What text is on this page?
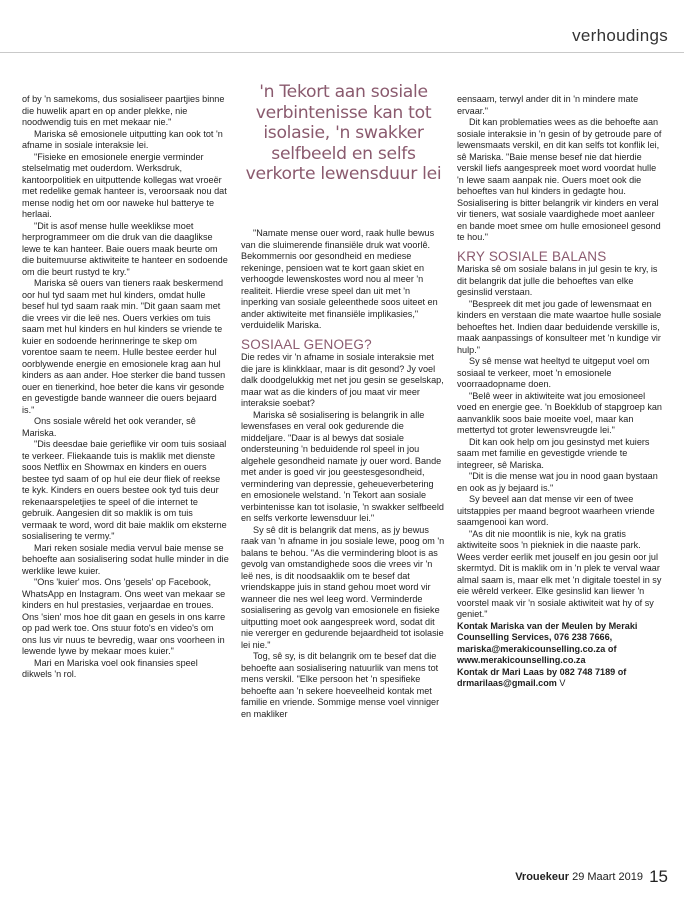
verhoudings

of by 'n samekoms, dus sosialiseer paartjies binne die huwelik apart en op ander plekke, nie noodwendig tuis en met mekaar nie."

Mariska sê emosionele uitputting kan ook tot 'n afname in sosiale interaksie lei.

"Fisieke en emosionele energie verminder stelselmatig met ouderdom. Werksdruk, kantoorpolitiek en uitputtende kollegas wat vroeër met redelike gemak hanteer is, veroorsaak nou dat mense nodig het om oor naweke hul batterye te herlaai.

"Dit is asof mense hulle weeklikse moet herprogrammeer om die druk van die daaglikse lewe te kan hanteer. Baie ouers maak beurte om die buitemuurse aktiwiteite te hanteer en sodoende om die beurt rustyd te kry."

Mariska sê ouers van tieners raak beskermend oor hul tyd saam met hul kinders, omdat hulle besef hul tyd saam raak min. "Dit gaan saam met die vrees vir die leë nes. Ouers verkies om tuis saam met hul kinders en hul kinders se vriende te kuier en sodoende herinneringe te skep om vorentoe saam te neem. Hulle bestee eerder hul oorblywende energie en emosionele krag aan hul kinders as aan ander. Hoe sterker die band tussen ouer en tienerkind, hoe beter die kans vir gesonde en gevestigde bande wanneer die ouers bejaard is."

Ons sosiale wêreld het ook verander, sê Mariska.

"Dis deesdae baie gerieflike vir oom tuis sosiaal te verkeer. Fliekaande tuis is maklik met dienste soos Netflix en Showmax en kinders en ouers bestee tyd saam of op hul eie deur fliek of reekse te kyk. Kinders en ouers bestee ook tyd tuis deur rekenaarspeletjies te speel of die internet te gebruik. Aangesien dit so maklik is om tuis vermaak te word, word dit baie maklik om eksterne sosialisering te vermy."

Mari reken sosiale media vervul baie mense se behoefte aan sosialisering sodat hulle minder in die werklike lewe kuier.

"Ons 'kuier' mos. Ons 'gesels' op Facebook, WhatsApp en Instagram. Ons weet van mekaar se kinders en hul prestasies, verjaardae en troues. Ons 'sien' mos hoe dit gaan en gesels in ons karre op pad werk toe. Ons stuur foto's en video's om ons lus vir nuus te bevredig, waar ons voorheen in lewende lywe by mekaar moes kuier."

Mari en Mariska voel ook finansies speel dikwels 'n rol.

'n Tekort aan sosiale verbintenisse kan tot isolasie, 'n swakker selfbeeld en selfs verkorte lewensduur lei

"Namate mense ouer word, raak hulle bewus van die sluimerende finansiële druk wat voorlê. Bekommernis oor gesondheid en mediese rekeninge, pensioen wat te kort gaan skiet en verhoogde lewenskostes word nou al meer 'n realiteit. Hierdie vrese speel dan uit met 'n inperking van sosiale geleenthede soos uiteet en ander aktiwiteite met finansiële implikasies," verduidelik Mariska.

SOSIAAL GENOEG?

Die redes vir 'n afname in sosiale interaksie met die jare is klinkklaar, maar is dit gesond? Jy voel dalk doodgelukkig met net jou gesin se geselskap, maar wat as die kinders of jou maat vir meer interaksie soebat?

Mariska sê sosialisering is belangrik in alle lewensfases en veral ook gedurende die middeljare. "Daar is al bewys dat sosiale ondersteuning 'n beduidende rol speel in jou algehele gesondheid namate jy ouer word. Bande met ander is goed vir jou geestesgesondheid, vermindering van depressie, geheueverbetering en emosionele welstand. 'n Tekort aan sosiale verbintenisse kan tot isolasie, 'n swakker selfbeeld en selfs verkorte lewensduur lei."

Sy sê dit is belangrik dat mens, as jy bewus raak van 'n afname in jou sosiale lewe, poog om 'n balans te behou. "As die vermindering bloot is as gevolg van omstandighede soos die vrees vir 'n leë nes, is dit noodsaaklik om te besef dat vriendskappe juis in stand gehou moet word vir wanneer die nes wel leeg word. Verminderde sosialisering as gevolg van emosionele en fisieke uitputting moet ook aangespreek word, sodat dit nie vererger en gedurende bejaardheid tot isolasie lei nie."

Tog, sê sy, is dit belangrik om te besef dat die behoefte aan sosialisering natuurlik van mens tot mens verskil. "Elke persoon het 'n spesifieke behoefte aan 'n sekere hoeveelheid kontak met familie en vriende. Sommige mense voel vinniger en makliker

eensaam, terwyl ander dit in 'n mindere mate ervaar."

Dit kan problematies wees as die behoefte aan sosiale interaksie in 'n gesin of by getroude pare of lewensmaats verskil, en dit kan selfs tot konflik lei, sê Mariska. "Baie mense besef nie dat hierdie verskil liefs aangespreek moet word voordat hulle 'n lewe saam aanpak nie. Ouers moet ook die behoeftes van hul kinders in gedagte hou. Sosialisering is bitter belangrik vir kinders en veral vir tieners, wat sosiale vaardighede moet aanleer en bande moet smee om hulle emosioneel gesond te hou."

KRY SOSIALE BALANS

Mariska sê om sosiale balans in jul gesin te kry, is dit belangrik dat julle die behoeftes van elke gesinslid verstaan.

"Bespreek dit met jou gade of lewensmaat en kinders en verstaan die mate waartoe hulle sosiale behoeftes het. Indien daar beduidende verskille is, maak aanpassings of konsulteer met 'n kundige vir hulp."

Sy sê mense wat heeltyd te uitgeput voel om sosiaal te verkeer, moet 'n emosionele voorraadopname doen.

"Belê weer in aktiwiteite wat jou emosioneel voed en energie gee. 'n Boekklub of stapgroep kan aanvanklik soos baie moeite voel, maar kan mettertyd tot groter lewensvreugde lei."

Dit kan ook help om jou gesinstyd met kuiers saam met familie en gevestigde vriende te integreer, sê Mariska.

"Dit is die mense wat jou in nood gaan bystaan en ook as jy bejaard is."

Sy beveel aan dat mense vir een of twee uitstappies per maand begroot waarheen vriende saamgenooi kan word.

"As dit nie moontlik is nie, kyk na gratis aktiwiteite soos 'n piekniek in die naaste park. Wees verder eerlik met jouself en jou gesin oor jul skermtyd. Dit is maklik om in 'n plek te verval waar almal saam is, maar elk met 'n digitale toestel in sy eie wêreld verkeer. Elke gesinslid kan liewer 'n voorstel maak vir 'n sosiale aktiwiteit wat hy of sy geniet."

Kontak Mariska van der Meulen by Meraki Counselling Services, 076 238 7666, mariska@merakicounselling.co.za of www.merakicounselling.co.za

Kontak dr Mari Laas by 082 748 7189 of drmarilaas@gmail.com V

Vrouekeur 29 Maart 2019 15
